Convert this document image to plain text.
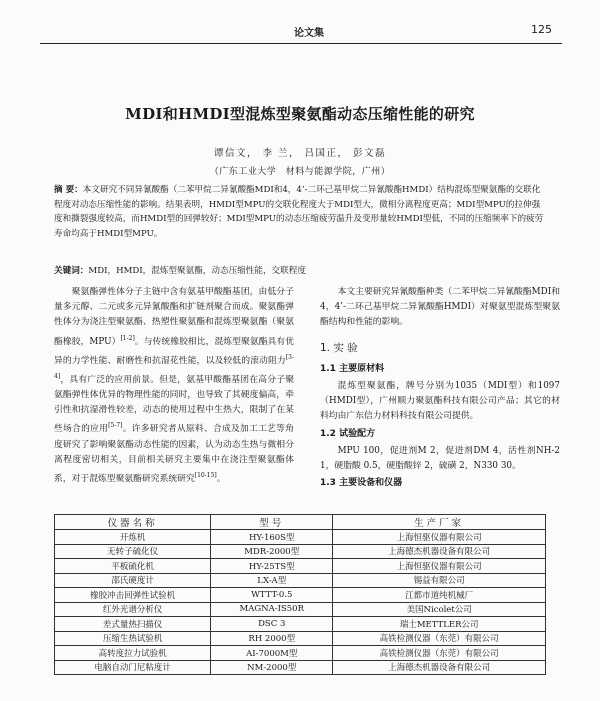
论文集	125
MDI和HMDI型混炼型聚氨酯动态压缩性能的研究
谭信文， 李 兰， 吕国正， 彭文磊
（广东工业大学　材料与能源学院，广州）
摘 要：本文研究不同异氰酸酯（二苯甲烷二异氰酸酯MDI和4，4’-二环己基甲烷二异氰酸酯HMDI）结构混炼型聚氨酯的交联化程度对动态压缩性能的影响。结果表明，HMDI型MPU的交联化程度大于MDI型大，微相分离程度更高；MDI型MPU的拉伸强度和撕裂强度较高，而HMDI型的回弹较好；MDI型MPU的动态压缩疲劳温升及变形量较HMDI型低，不同的压缩频率下的疲劳寿命均高于HMDI型MPU。
关键词：MDI，HMDI，混炼型聚氨酯，动态压缩性能，交联程度

聚氨酯弹性体分子主链中含有氨基甲酸酯基团，由低分子量多元醇、二元或多元异氰酸酯和扩链剂聚合而成。聚氨酯弹性体分为浇注型聚氨酯、热塑性聚氨酯和混炼型聚氨酯（聚氨酯橡胶，MPU）[1-2]。与传统橡胶相比，混炼型聚氨酯具有优异的力学性能、耐磨性和抗湿花性能，以及较低的滚动阻力[3-4]，具有广泛的应用前景。但是，氨基甲酸酯基团在高分子聚氨酯弹性体优异的物理性能的同时，也导致了其硬度偏高，牵引性和抗湿滑性较差，动态的使用过程中生热大，限制了在某些场合的应用[5-7]。许多研究者从原料、合成及加工工艺等角度研究了影响聚氨酯动态性能的因素，认为动态生热与微相分离程度密切相关，目前相关研究主要集中在浇注型聚氨酯体系，对于混炼型聚氨酯研究系统研究[10-15]。

本文主要研究异氰酸酯种类（二苯甲烷二异氰酸酯MDI和4，4’-二环己基甲烷二异氰酸酯HMDI）对聚氨型混炼型聚氨酯结构和性能的影响。

1. 实 验
1.1 主要原材料

混炼型聚氨酯，牌号分别为1035（MDI型）和1097（HMDI型），广州顺力聚氨酯科技有限公司产品；其它的材料均由广东信力材料科技有限公司提供。

1.2 试验配方

MPU 100，促进剂M 2，促进剂DM 4，活性剂NH-2 1，硬脂酸 0.5，硬脂酸锌 2，硫磺 2，N330 30。

1.3 主要设备和仪器
仪器名称	型号	生产厂家
开炼机	HY-160S型	上海恒驱仪器有限公司
无转子硫化仪	MDR-2000型	上海德杰机器设备有限公司
平板硫化机	HY-25TS型	上海恒驱仪器有限公司
邵氏硬度计	LX-A型	锡益有限公司
橡胶冲击回弹性试验机	WTTT-0.5	江都市道纯机械厂
红外光谱分析仪	MAGNA-IS50R	美国Nicolet公司
差式量热扫描仪	DSC 3	瑞士METTLER公司
压缩生热试验机	RH 2000型	高铁检测仪器（东莞）有限公司
高转度拉力试验机	AI-7000M型	高铁检测仪器（东莞）有限公司
电脑自动门尼粘度计	NM-2000型	上海德杰机器设备有限公司
